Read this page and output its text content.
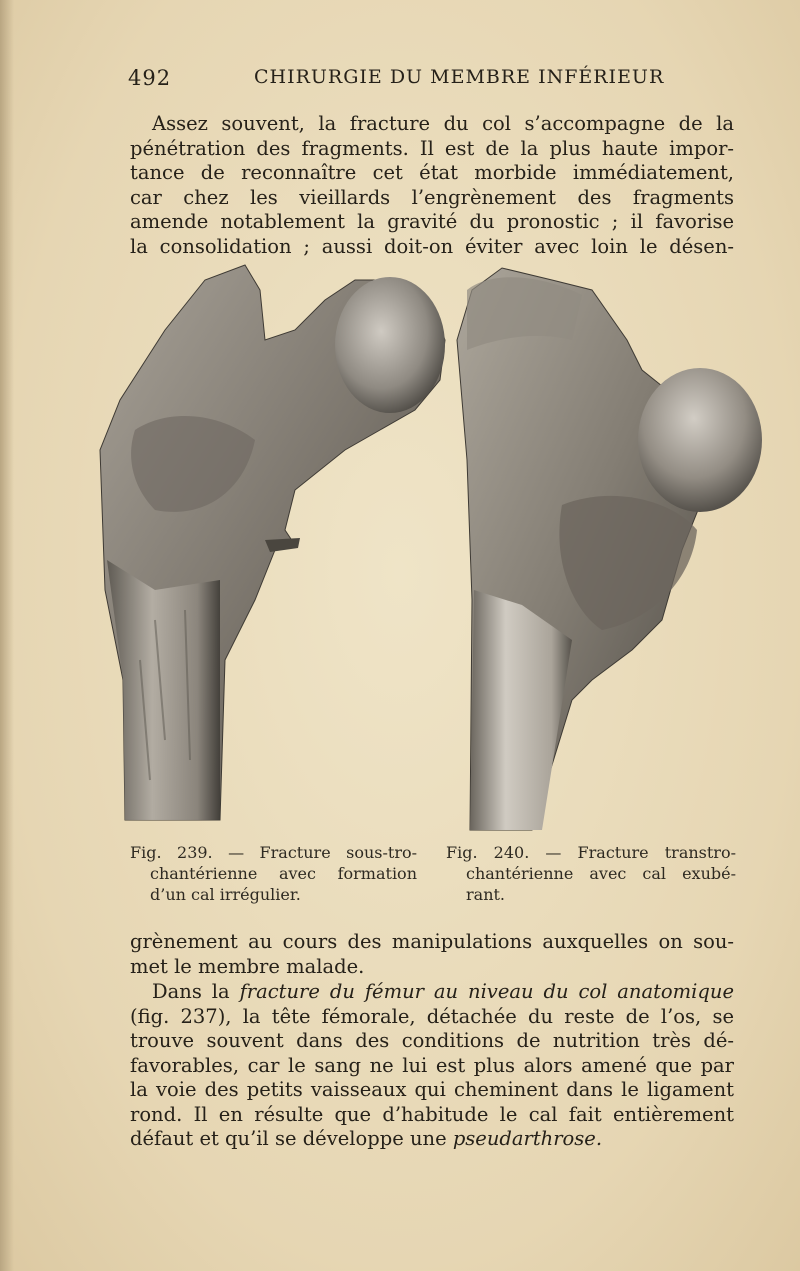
492	CHIRURGIE DU MEMBRE INFÉRIEUR

Assez souvent, la fracture du col s’accompagne de la
pénétration des fragments. Il est de la plus haute impor-
tance de reconnaître cet état morbide immédiatement,
car chez les vieillards l’engrènement des fragments
amende notablement la gravité du pronostic ; il favorise
la consolidation ; aussi doit-on éviter avec loin le désen-

Fig. 239. — Fracture sous-tro-
chantérienne avec formation
d’un cal irrégulier.
Fig. 240. — Fracture transtro-
chantérienne avec cal exubé-
rant.

grènement au cours des manipulations auxquelles on sou-
met le membre malade.

Dans la fracture du fémur au niveau du col anatomique
(fig. 237), la tête fémorale, détachée du reste de l’os, se
trouve souvent dans des conditions de nutrition très dé-
favorables, car le sang ne lui est plus alors amené que par
la voie des petits vaisseaux qui cheminent dans le ligament
rond. Il en résulte que d’habitude le cal fait entièrement
défaut et qu’il se développe une pseudarthrose.
